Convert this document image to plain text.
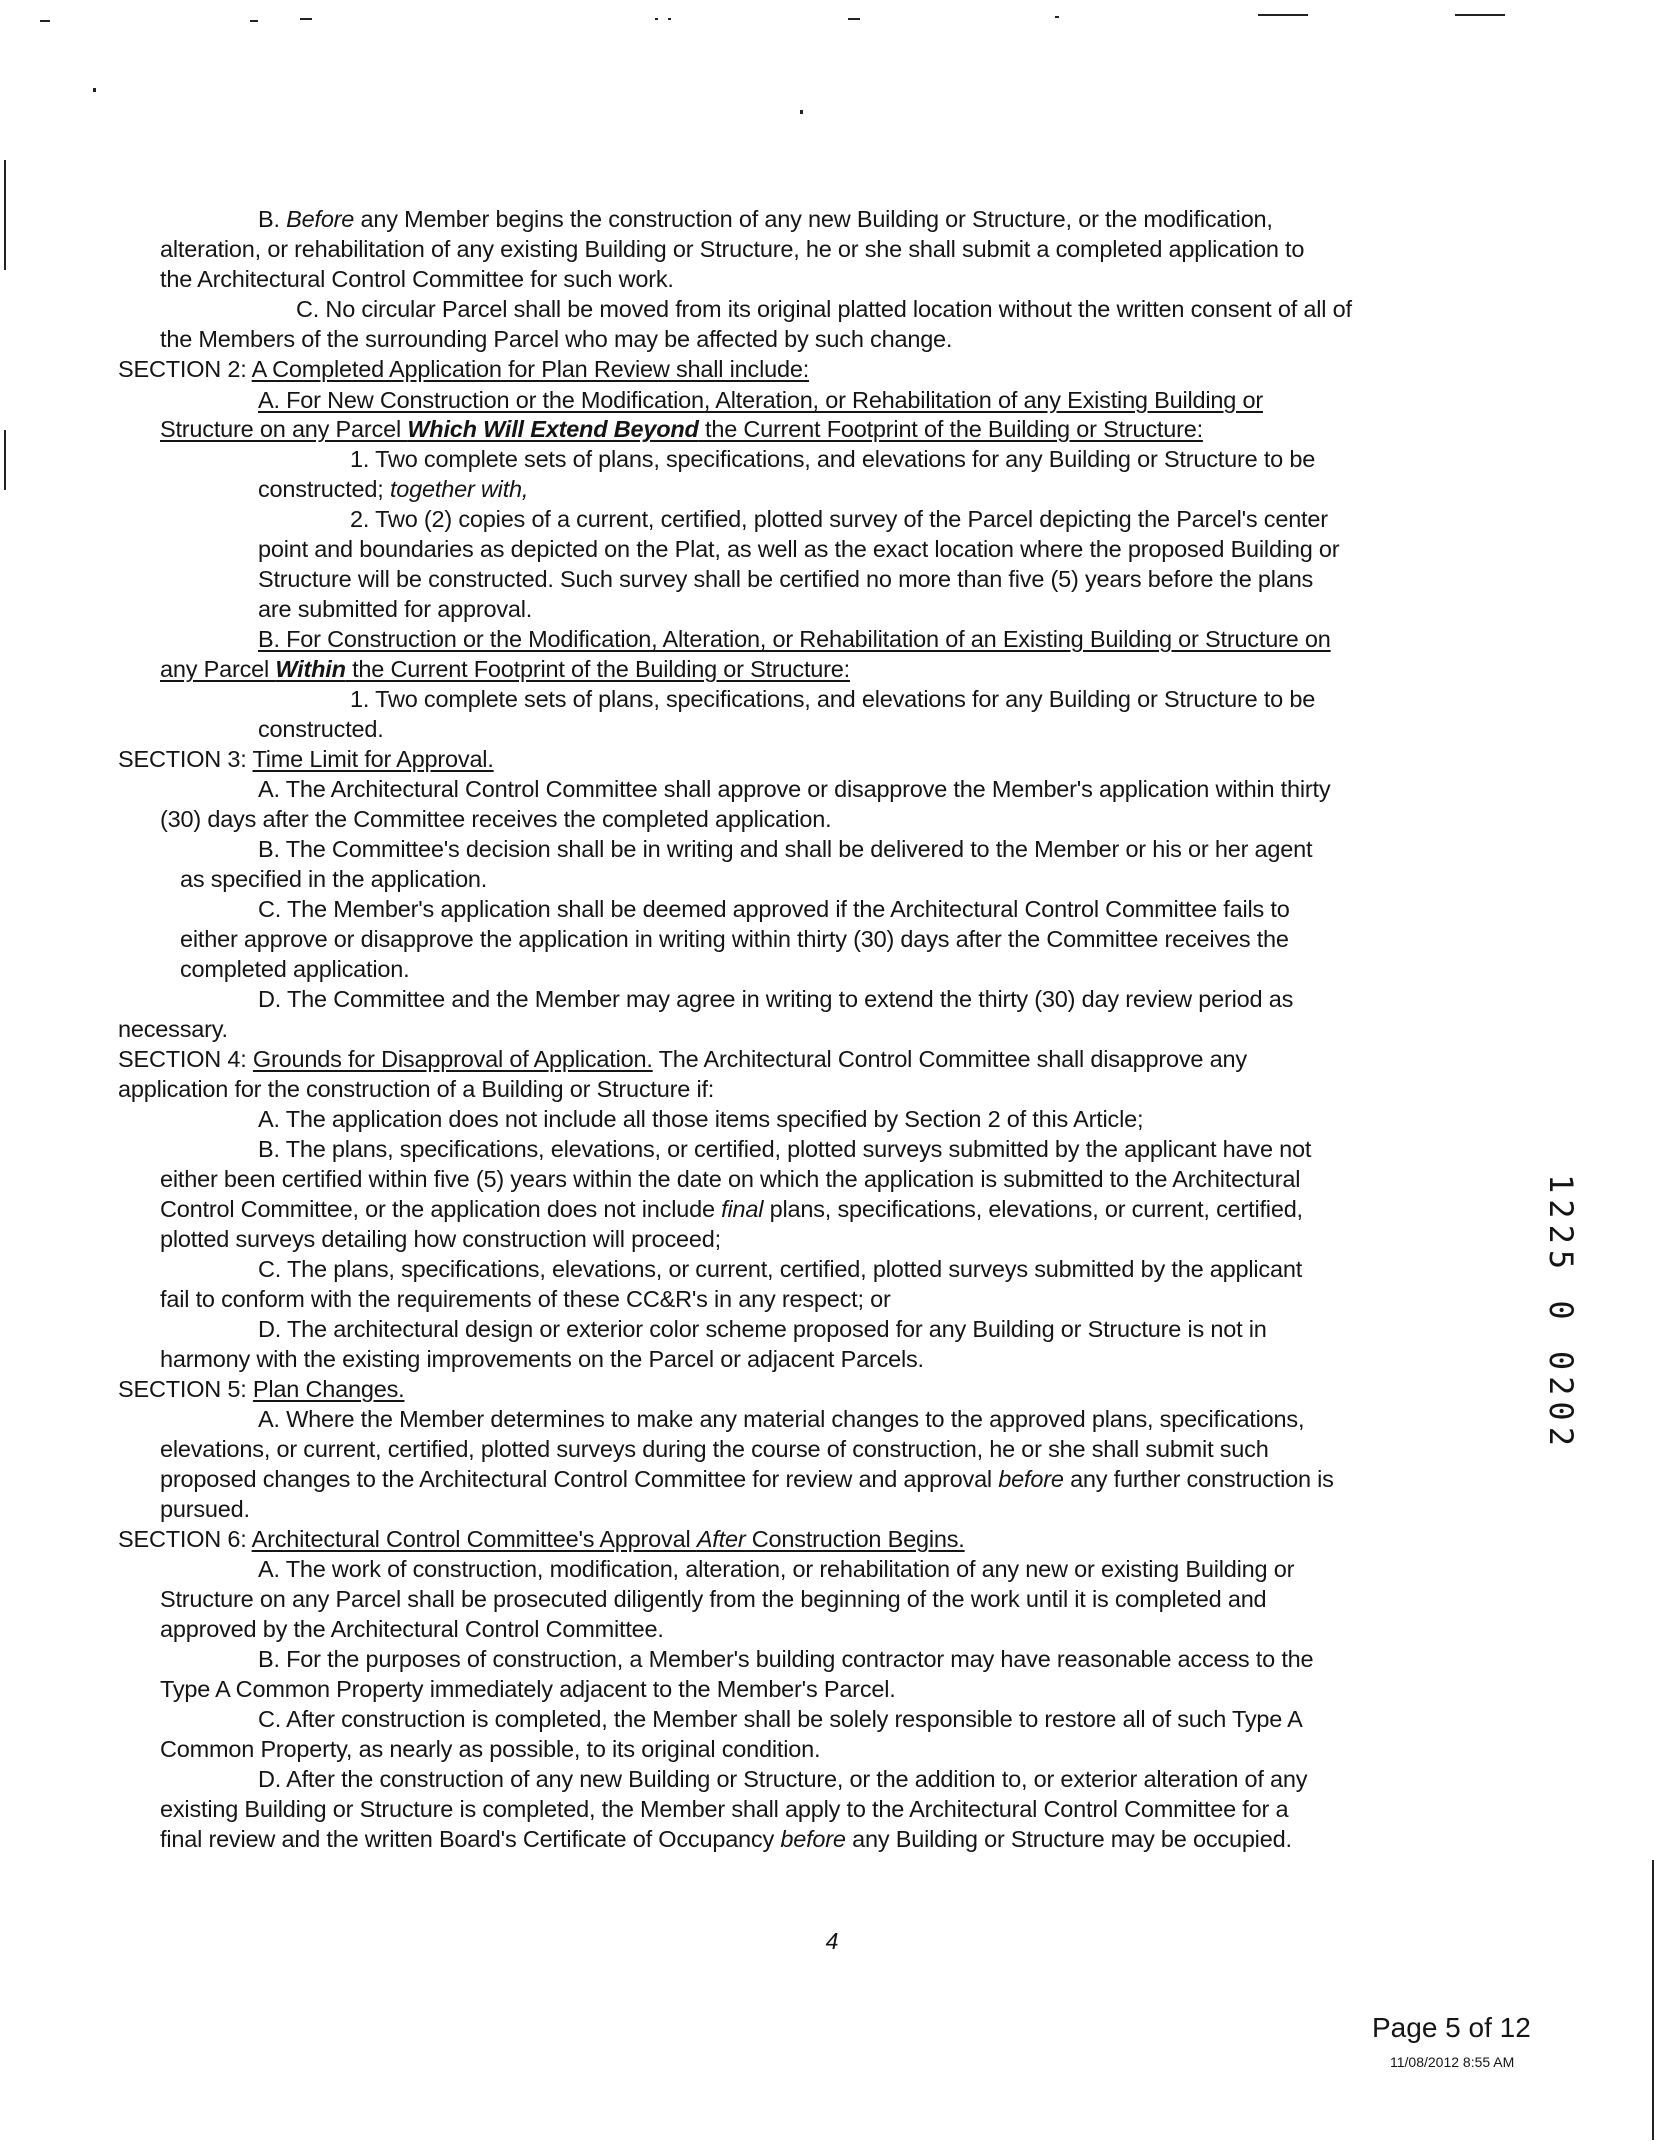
B. Before any Member begins the construction of any new Building or Structure, or the modification,
alteration, or rehabilitation of any existing Building or Structure, he or she shall submit a completed application to
the Architectural Control Committee for such work.
C. No circular Parcel shall be moved from its original platted location without the written consent of all of
the Members of the surrounding Parcel who may be affected by such change.
SECTION 2: A Completed Application for Plan Review shall include:
A. For New Construction or the Modification, Alteration, or Rehabilitation of any Existing Building or
Structure on any Parcel Which Will Extend Beyond the Current Footprint of the Building or Structure:
1. Two complete sets of plans, specifications, and elevations for any Building or Structure to be
constructed; together with,
2. Two (2) copies of a current, certified, plotted survey of the Parcel depicting the Parcel's center
point and boundaries as depicted on the Plat, as well as the exact location where the proposed Building or
Structure will be constructed. Such survey shall be certified no more than five (5) years before the plans
are submitted for approval.
B. For Construction or the Modification, Alteration, or Rehabilitation of an Existing Building or Structure on
any Parcel Within the Current Footprint of the Building or Structure:
1. Two complete sets of plans, specifications, and elevations for any Building or Structure to be
constructed.
SECTION 3: Time Limit for Approval.
A. The Architectural Control Committee shall approve or disapprove the Member's application within thirty
(30) days after the Committee receives the completed application.
B. The Committee's decision shall be in writing and shall be delivered to the Member or his or her agent
as specified in the application.
C. The Member's application shall be deemed approved if the Architectural Control Committee fails to
either approve or disapprove the application in writing within thirty (30) days after the Committee receives the
completed application.
D. The Committee and the Member may agree in writing to extend the thirty (30) day review period as
necessary.
SECTION 4: Grounds for Disapproval of Application. The Architectural Control Committee shall disapprove any
application for the construction of a Building or Structure if:
A. The application does not include all those items specified by Section 2 of this Article;
B. The plans, specifications, elevations, or certified, plotted surveys submitted by the applicant have not
either been certified within five (5) years within the date on which the application is submitted to the Architectural
Control Committee, or the application does not include final plans, specifications, elevations, or current, certified,
plotted surveys detailing how construction will proceed;
C. The plans, specifications, elevations, or current, certified, plotted surveys submitted by the applicant
fail to conform with the requirements of these CC&R's in any respect; or
D. The architectural design or exterior color scheme proposed for any Building or Structure is not in
harmony with the existing improvements on the Parcel or adjacent Parcels.
SECTION 5: Plan Changes.
A. Where the Member determines to make any material changes to the approved plans, specifications,
elevations, or current, certified, plotted surveys during the course of construction, he or she shall submit such
proposed changes to the Architectural Control Committee for review and approval before any further construction is
pursued.
SECTION 6: Architectural Control Committee's Approval After Construction Begins.
A. The work of construction, modification, alteration, or rehabilitation of any new or existing Building or
Structure on any Parcel shall be prosecuted diligently from the beginning of the work until it is completed and
approved by the Architectural Control Committee.
B. For the purposes of construction, a Member's building contractor may have reasonable access to the
Type A Common Property immediately adjacent to the Member's Parcel.
C. After construction is completed, the Member shall be solely responsible to restore all of such Type A
Common Property, as nearly as possible, to its original condition.
D. After the construction of any new Building or Structure, or the addition to, or exterior alteration of any
existing Building or Structure is completed, the Member shall apply to the Architectural Control Committee for a
final review and the written Board's Certificate of Occupancy before any Building or Structure may be occupied.
4
Page 5 of 12
11/08/2012 8:55 AM
1225 0 0202
